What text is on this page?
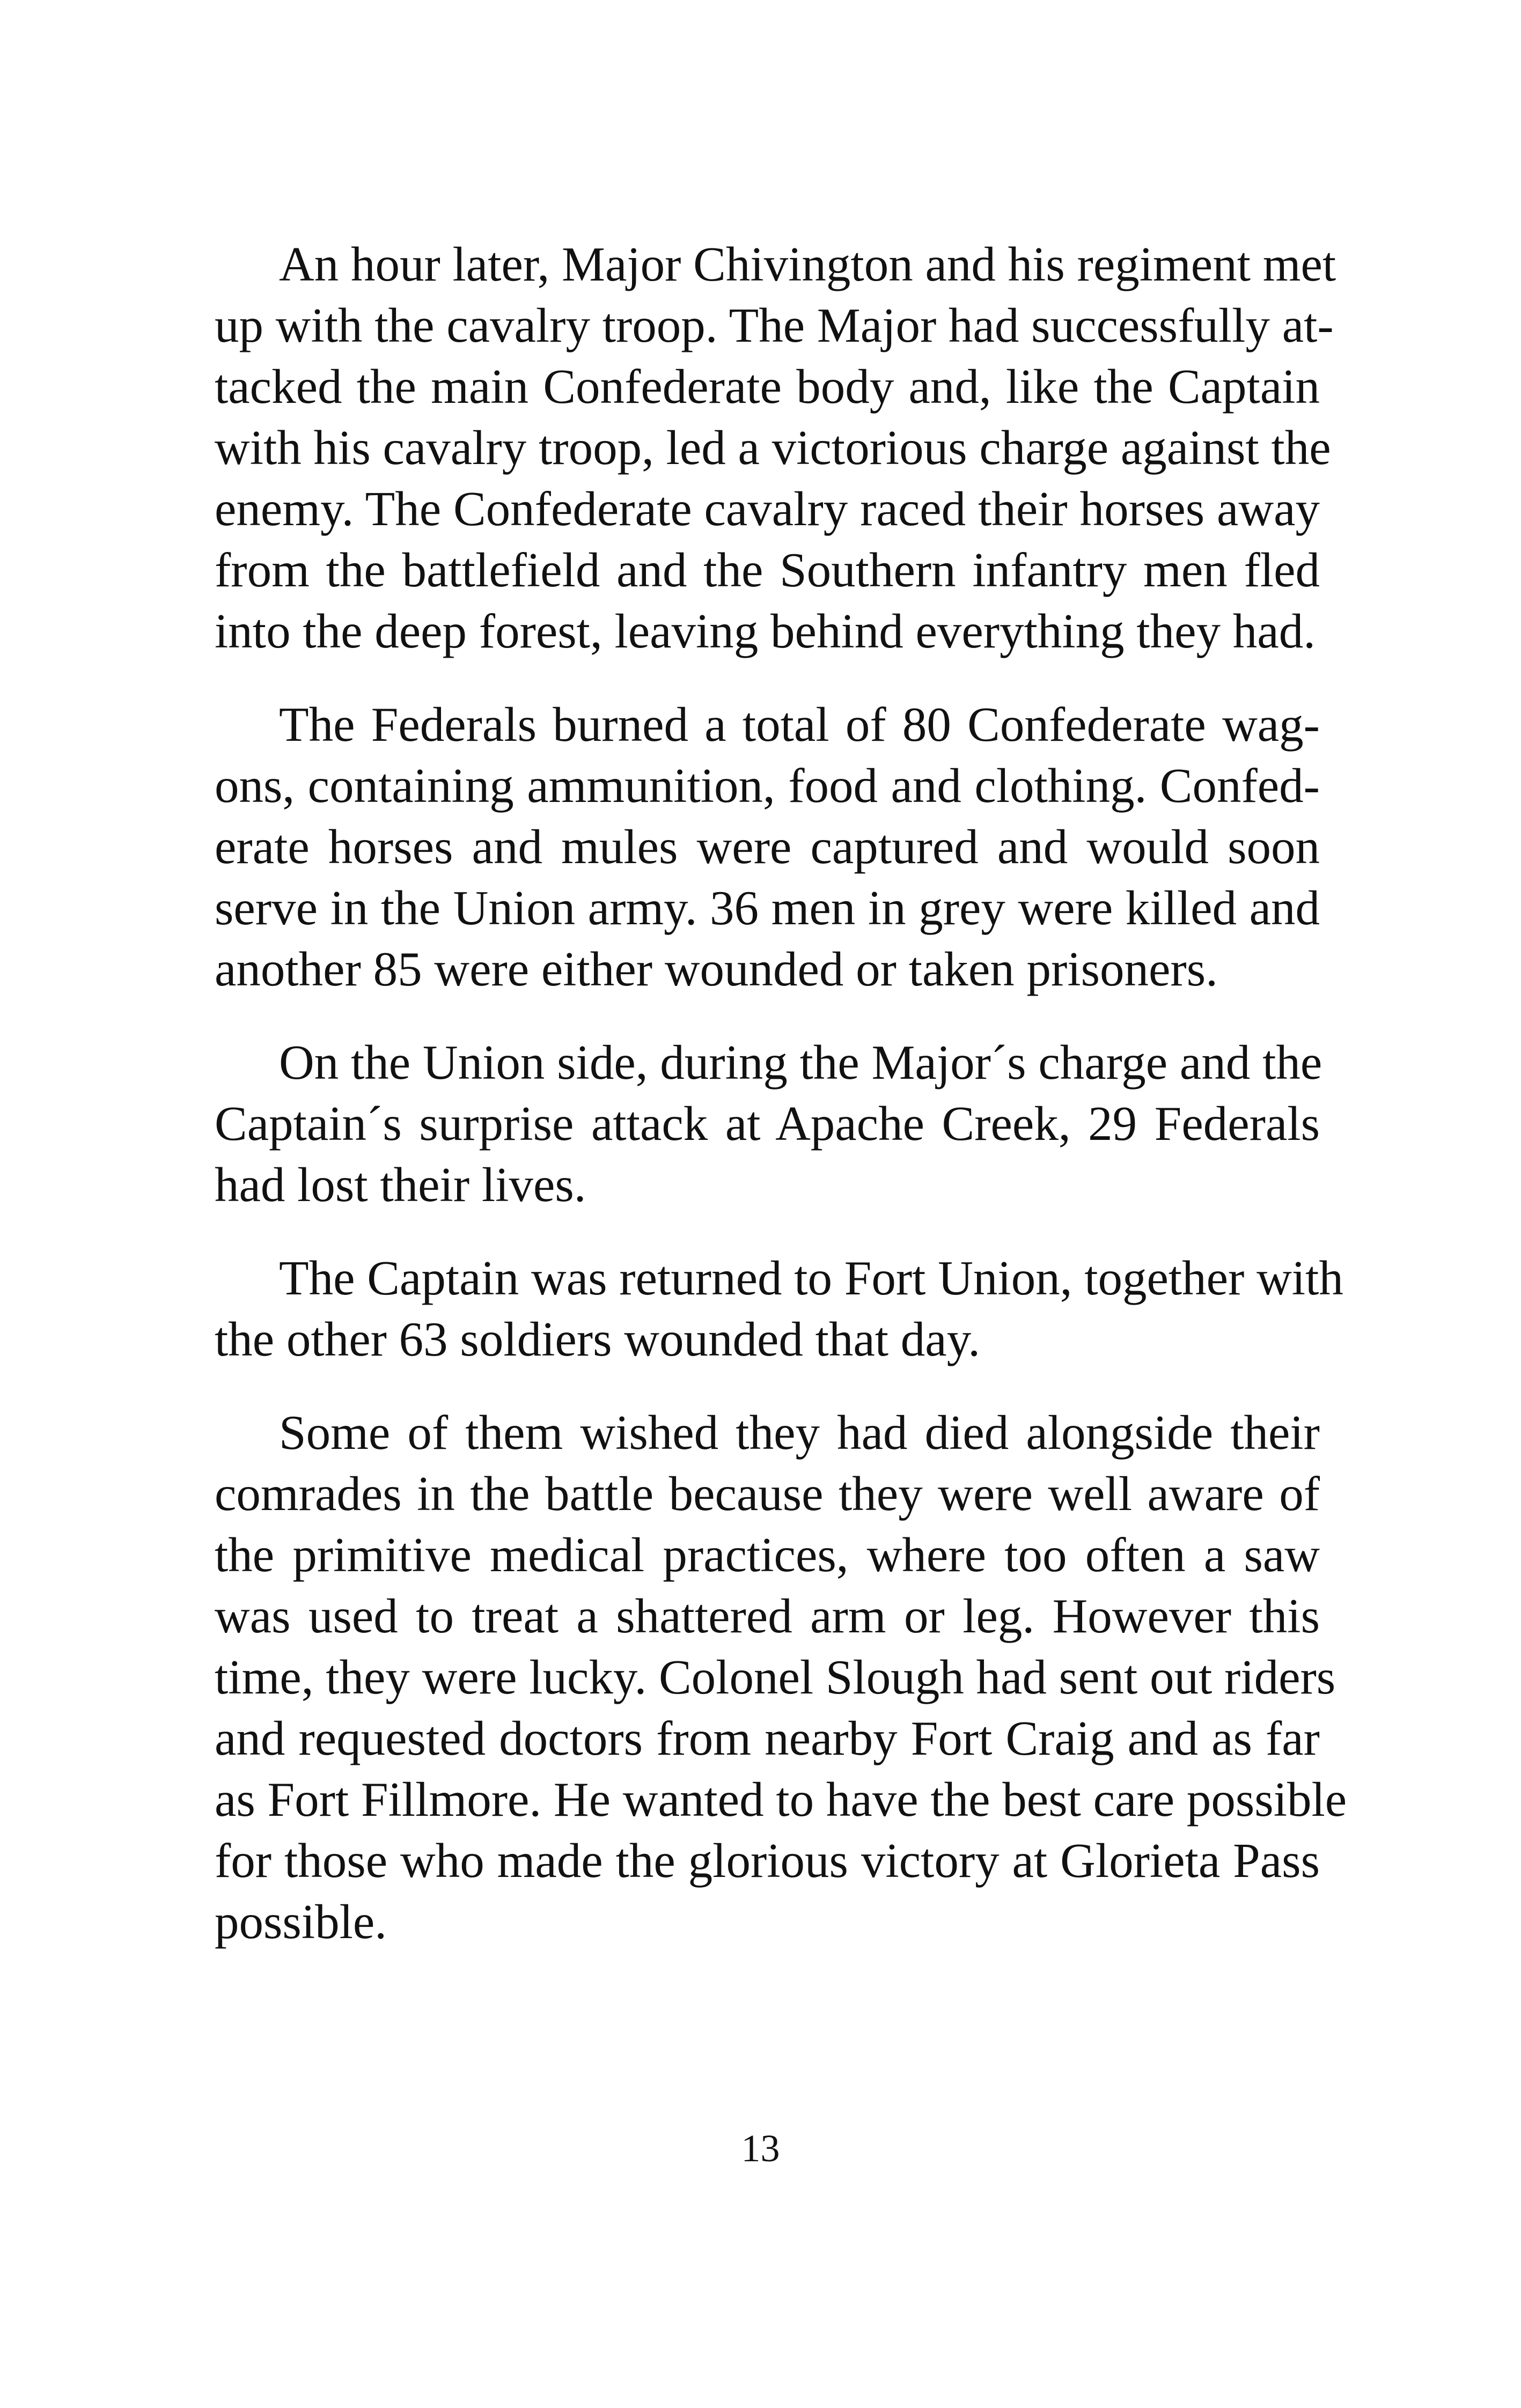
An hour later, Major Chivington and his regiment met
up with the cavalry troop. The Major had successfully at-
tacked the main Confederate body and, like the Captain
with his cavalry troop, led a victorious charge against the
enemy. The Confederate cavalry raced their horses away
from the battlefield and the Southern infantry men fled
into the deep forest, leaving behind everything they had.
The Federals burned a total of 80 Confederate wag-
ons, containing ammunition, food and clothing. Confed-
erate horses and mules were captured and would soon
serve in the Union army. 36 men in grey were killed and
another 85 were either wounded or taken prisoners.
On the Union side, during the Major´s charge and the
Captain´s surprise attack at Apache Creek, 29 Federals
had lost their lives.
The Captain was returned to Fort Union, together with
the other 63 soldiers wounded that day.
Some of them wished they had died alongside their
comrades in the battle because they were well aware of
the primitive medical practices, where too often a saw
was used to treat a shattered arm or leg. However this
time, they were lucky. Colonel Slough had sent out riders
and requested doctors from nearby Fort Craig and as far
as Fort Fillmore. He wanted to have the best care possible
for those who made the glorious victory at Glorieta Pass
possible.
13
